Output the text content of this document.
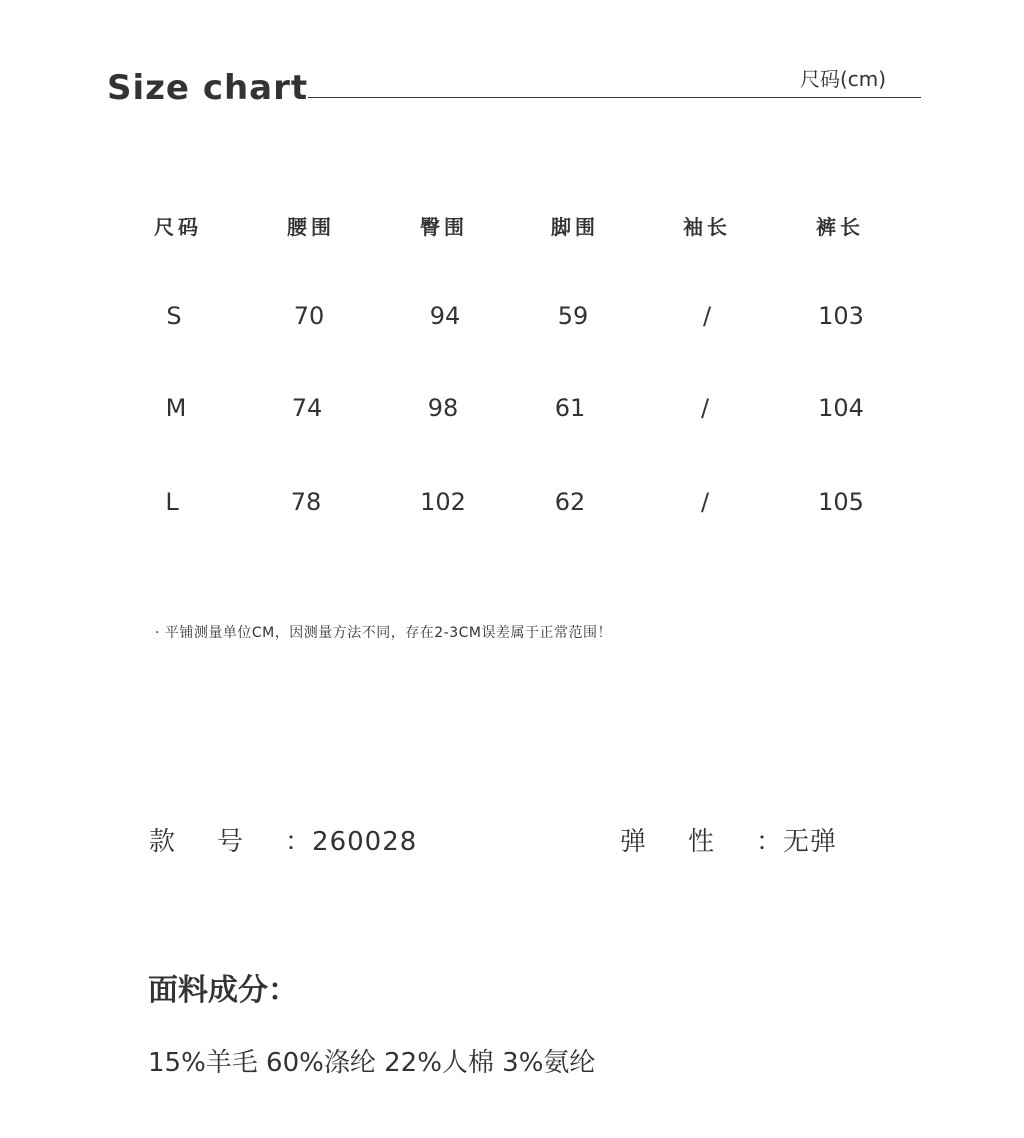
Size chart	尺码(cm)
尺码	腰围	臀围	脚围	袖长	裤长
S	70	94	59	/	103
M	74	98	61	/	104
L	78	102	62	/	105
· 平铺测量单位CM，因测量方法不同，存在2-3CM误差属于正常范围！
款号：260028	弹性：无弹
面料成分：
15%羊毛 60%涤纶 22%人棉 3%氨纶
